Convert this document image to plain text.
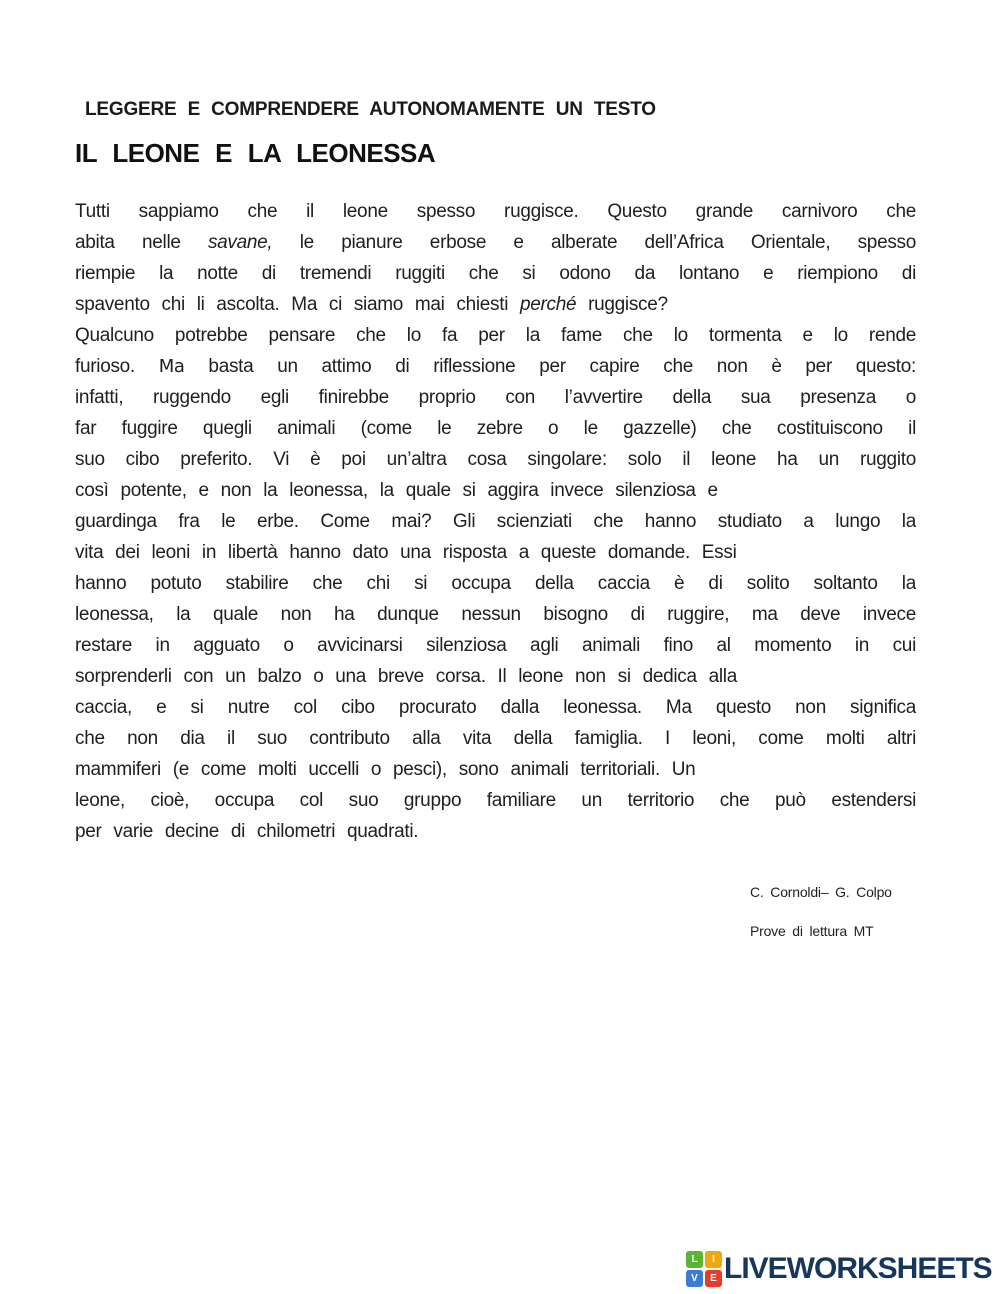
LEGGERE E COMPRENDERE AUTONOMAMENTE UN TESTO
IL LEONE E LA LEONESSA
Tutti sappiamo che il leone spesso ruggisce. Questo grande carnivoro che
abita nelle savane, le pianure erbose e alberate dell’Africa Orientale, spesso
riempie la notte di tremendi ruggiti che si odono da lontano e riempiono di
spavento chi li ascolta. Ma ci siamo mai chiesti perché ruggisce?
Qualcuno potrebbe pensare che lo fa per la fame che lo tormenta e lo rende
furioso. Ma basta un attimo di riflessione per capire che non è per questo:
infatti, ruggendo egli finirebbe proprio con l’avvertire della sua presenza o
far fuggire quegli animali (come le zebre o le gazzelle) che costituiscono il
suo cibo preferito. Vi è poi un’altra cosa singolare: solo il leone ha un ruggito
così potente, e non la leonessa, la quale si aggira invece silenziosa e
guardinga fra le erbe. Come mai? Gli scienziati che hanno studiato a lungo la
vita dei leoni in libertà hanno dato una risposta a queste domande. Essi
hanno potuto stabilire che chi si occupa della caccia è di solito soltanto la
leonessa, la quale non ha dunque nessun bisogno di ruggire, ma deve invece
restare in agguato o avvicinarsi silenziosa agli animali fino al momento in cui
sorprenderli con un balzo o una breve corsa. Il leone non si dedica alla
caccia, e si nutre col cibo procurato dalla leonessa. Ma questo non significa
che non dia il suo contributo alla vita della famiglia. I leoni, come molti altri
mammiferi (e come molti uccelli o pesci), sono animali territoriali. Un
leone, cioè, occupa col suo gruppo familiare un territorio che può estendersi
per varie decine di chilometri quadrati.
C. Cornoldi– G. Colpo
Prove di lettura MT
L	I
V	E LIVEWORKSHEETS
